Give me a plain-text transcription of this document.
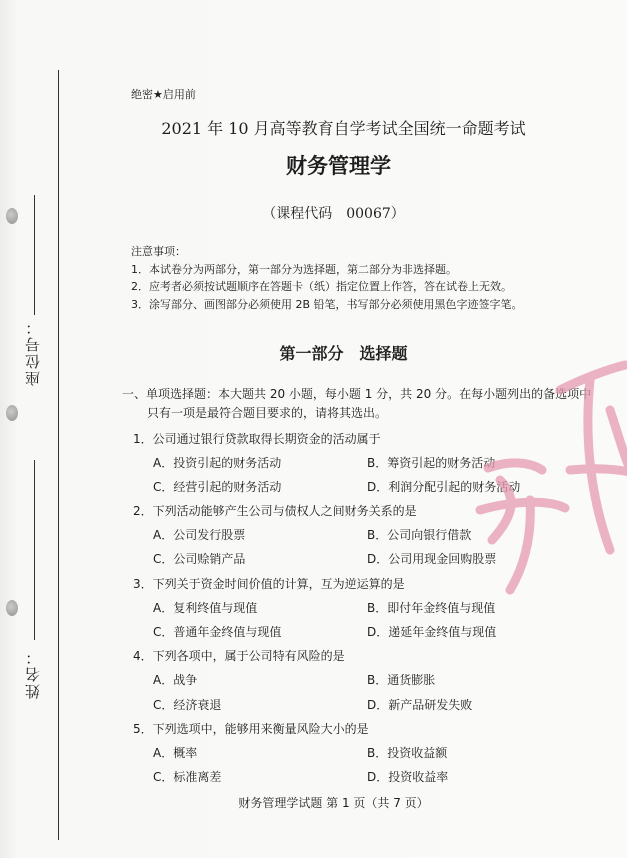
座位号：
姓名：
绝密★启用前
2021 年 10 月高等教育自学考试全国统一命题考试
财务管理学
（课程代码　00067）
注意事项：
1．本试卷分为两部分，第一部分为选择题，第二部分为非选择题。
2．应考者必须按试题顺序在答题卡（纸）指定位置上作答，答在试卷上无效。
3．涂写部分、画图部分必须使用 2B 铅笔，书写部分必须使用黑色字迹签字笔。
第一部分　选择题
一、单项选择题：本大题共 20 小题，每小题 1 分，共 20 分。在每小题列出的备选项中
只有一项是最符合题目要求的，请将其选出。
1．公司通过银行贷款取得长期资金的活动属于
A．投资引起的财务活动	B．筹资引起的财务活动
C．经营引起的财务活动	D．利润分配引起的财务活动
2．下列活动能够产生公司与债权人之间财务关系的是
A．公司发行股票	B．公司向银行借款
C．公司赊销产品	D．公司用现金回购股票
3．下列关于资金时间价值的计算，互为逆运算的是
A．复利终值与现值	B．即付年金终值与现值
C．普通年金终值与现值	D．递延年金终值与现值
4．下列各项中，属于公司特有风险的是
A．战争	B．通货膨胀
C．经济衰退	D．新产品研发失败
5．下列选项中，能够用来衡量风险大小的是
A．概率	B．投资收益额
C．标准离差	D．投资收益率
财务管理学试题 第 1 页（共 7 页）
